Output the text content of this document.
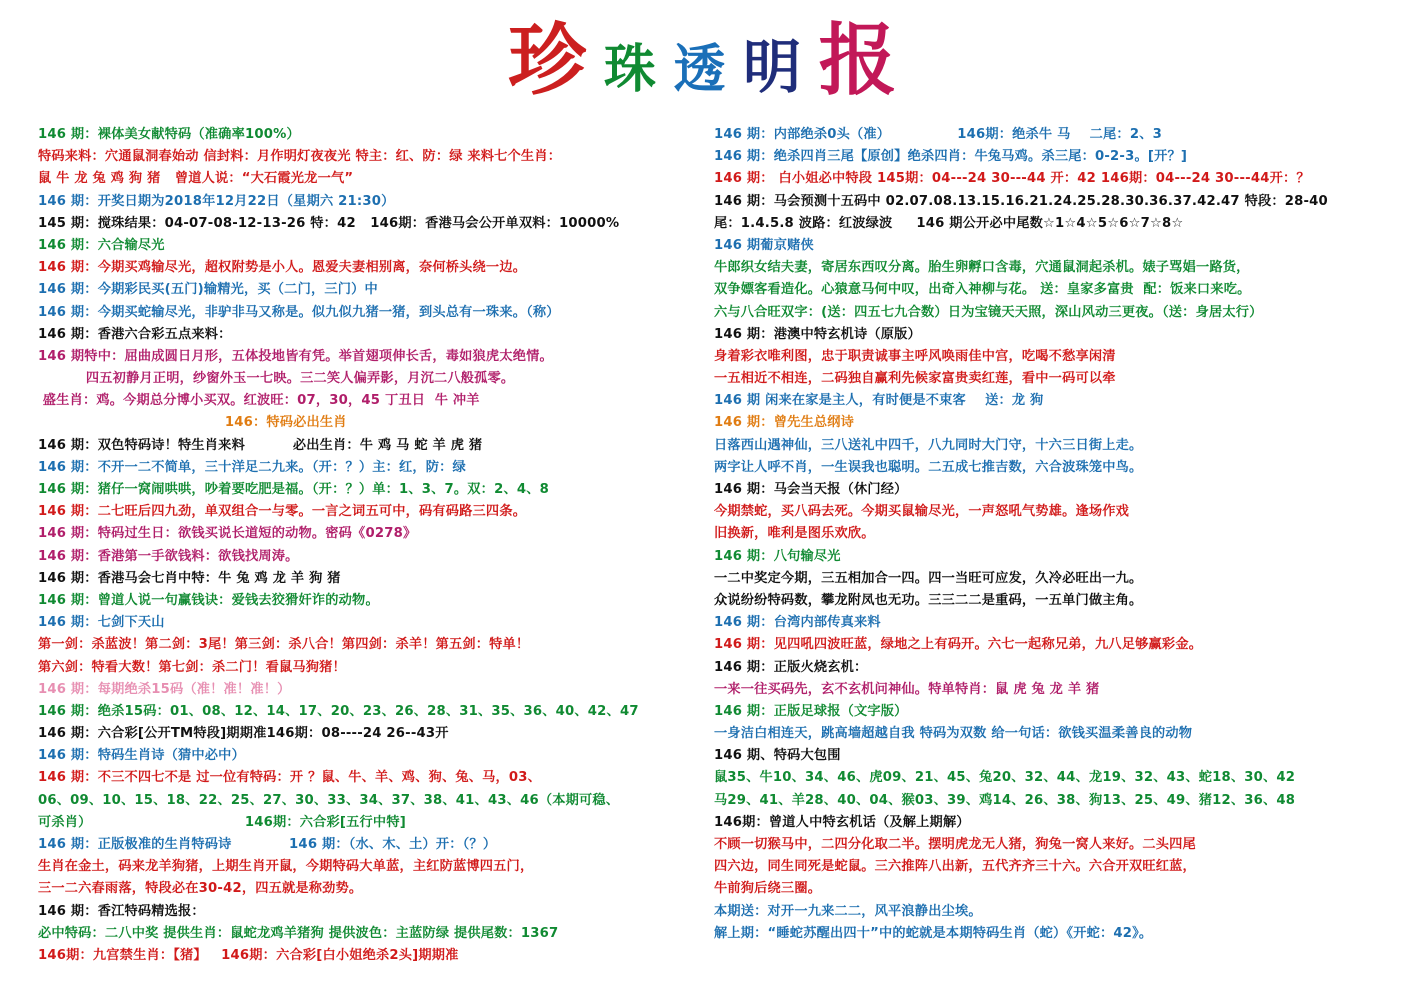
珍 珠 透 明 报
146 期：裸体美女献特码（准确率100%）
特码来料：穴通鼠洞春始动 信封料：月作明灯夜夜光 特主：红、防：绿 来料七个生肖：
鼠 牛 龙 兔 鸡 狗 猪   曾道人说：“大石霞光龙一气”
146 期：开奖日期为2018年12月22日（星期六 21:30）
145 期：搅珠结果：04-07-08-12-13-26 特：42   146期：香港马会公开单双料：10000%
146 期：六合输尽光
146 期：今期买鸡输尽光，超权附势是小人。恩爱夫妻相别离，奈何桥头绕一边。
146 期：今期彩民买(五门)输精光，买（二门，三门）中
146 期：今期买蛇输尽光，非驴非马又称是。似九似九猪一猪，到头总有一珠来。（称）
146 期：香港六合彩五点来料：
146 期特中：屈曲成圆日月形，五体投地皆有凭。举首翅项伸长舌，毒如狼虎太绝情。
四五初静月正明，纱窗外玉一七映。三二笑人偏弄影，月沉二八般孤零。
盛生肖：鸡。今期总分博小买双。红波旺：07，30，45 丁丑日  牛 冲羊
146：特码必出生肖
146 期：双色特码诗！特生肖来料          必出生肖：牛 鸡 马 蛇 羊 虎 猪
146 期：不开一二不简单，三十洋足二九来。（开：？）主：红，防：绿
146 期：猪仔一窝闹哄哄，吵着要吃肥是福。（开：？）单：1、3、7。双：2、4、8
146 期：二七旺后四九劲，单双组合一与零。一言之词五可中，码有码路三四条。
146 期：特码过生日：欲钱买说长道短的动物。密码《0278》
146 期：香港第一手欲钱料：欲钱找周涛。
146 期：香港马会七肖中特：牛 兔 鸡 龙 羊 狗 猪
146 期：曾道人说一句赢钱诀：爱钱去狡猾奸诈的动物。
146 期：七剑下天山
第一剑：杀蓝波！第二剑：3尾！第三剑：杀八合！第四剑：杀羊！第五剑：特单！
第六剑：特看大数！第七剑：杀二门！看鼠马狗猪！
146 期：每期绝杀15码（准！准！准！）
146 期：绝杀15码：01、08、12、14、17、20、23、26、28、31、35、36、40、42、47
146 期：六合彩[公开TM特段]期期准146期：08----24 26--43开
146 期：特码生肖诗（猜中必中）
146 期：不三不四七不是 过一位有特码：开 ？鼠、牛、羊、鸡、狗、兔、马，03、
06、09、10、15、18、22、25、27、30、33、34、37、38、41、43、46（本期可稳、
可杀肖）                                146期：六合彩[五行中特]
146 期：正版极准的生肖特码诗            146 期：（水、木、土）开：（？）
生肖在金土，码来龙羊狗猪，上期生肖开鼠，今期特码大单蓝，主红防蓝博四五门，
三一二六春雨落，特段必在30-42，四五就是称劲势。
146 期：香江特码精选报：
必中特码：二八中奖 提供生肖：鼠蛇龙鸡羊猪狗 提供波色：主蓝防绿 提供尾数：1367
146期：九宫禁生肖：【猪】   146期：六合彩[白小姐绝杀2头]期期准
146 期：内部绝杀0头（准）              146期：绝杀牛 马    二尾：2、3
146 期：绝杀四肖三尾【原创】绝杀四肖：牛兔马鸡。杀三尾：0-2-3。[开？]
146 期： 白小姐必中特段 145期：04---24 30---44 开：42 146期：04---24 30---44开：？
146 期：马会预测十五码中 02.07.08.13.15.16.21.24.25.28.30.36.37.42.47 特段：28-40
尾：1.4.5.8 波路：红波绿波     146 期公开必中尾数☆1☆4☆5☆6☆7☆8☆
146 期葡京赌侠
牛郎织女结夫妻，寄居东西叹分离。胎生卵孵口含毒，穴通鼠洞起杀机。婊子骂娼一路货，
双争嫖客看造化。心猿意马何中叹，出奇入神柳与花。 送：皇家多富贵  配：饭来口来吃。
六与八合旺双字：(送：四五七九合数）日为宝镜天天照，深山风动三更夜。（送：身居太行）
146 期：港澳中特玄机诗（原版）
身着彩衣唯利图，忠于职责诚事主呼风唤雨佳中宫，吃喝不愁享闲清
一五相近不相连，二码独自赢利先候家富贵卖红莲，看中一码可以牵
146 期 闲来在家是主人，有时便是不束客    送：龙 狗
146 期：曾先生总纲诗
日落西山遇神仙，三八送礼中四千，八九同时大门守，十六三日街上走。
两字让人呼不肖，一生误我也聪明。二五成七推吉数，六合波珠笼中鸟。
146 期：马会当天报（休门经）
今期禁蛇，买八码去死。今期买鼠输尽光，一声怒吼气势雄。逢场作戏
旧换新，唯利是图乐欢欣。
146 期：八句输尽光
一二中奖定今期，三五相加合一四。四一当旺可应发，久冷必旺出一九。
众说纷纷特码数，攀龙附凤也无功。三三二二是重码，一五单门做主角。
146 期：台湾内部传真来料
146 期：见四吼四波旺蓝，绿地之上有码开。六七一起称兄弟，九八足够赢彩金。
146 期：正版火烧玄机：
一来一往买码先，玄不玄机问神仙。特单特肖：鼠 虎 兔 龙 羊 猪
146 期：正版足球报（文字版）
一身洁白相连天，跳高墙超越自我 特码为双数 给一句话：欲钱买温柔善良的动物
146 期、特码大包围
鼠35、牛10、34、46、虎09、21、45、兔20、32、44、龙19、32、43、蛇18、30、42
马29、41、羊28、40、04、猴03、39、鸡14、26、38、狗13、25、49、猪12、36、48
146期：曾道人中特玄机话（及解上期解）
不顾一切猴马中，二四分化取二半。摆明虎龙无人猪，狗兔一窝人来好。二头四尾
四六边，同生同死是蛇鼠。三六推阵八出新，五代齐齐三十六。六合开双旺红蓝，
牛前狗后绕三圈。
本期送：对开一九来二二，风平浪静出尘埃。
解上期：“睡蛇苏醒出四十”中的蛇就是本期特码生肖（蛇）《开蛇：42》。
